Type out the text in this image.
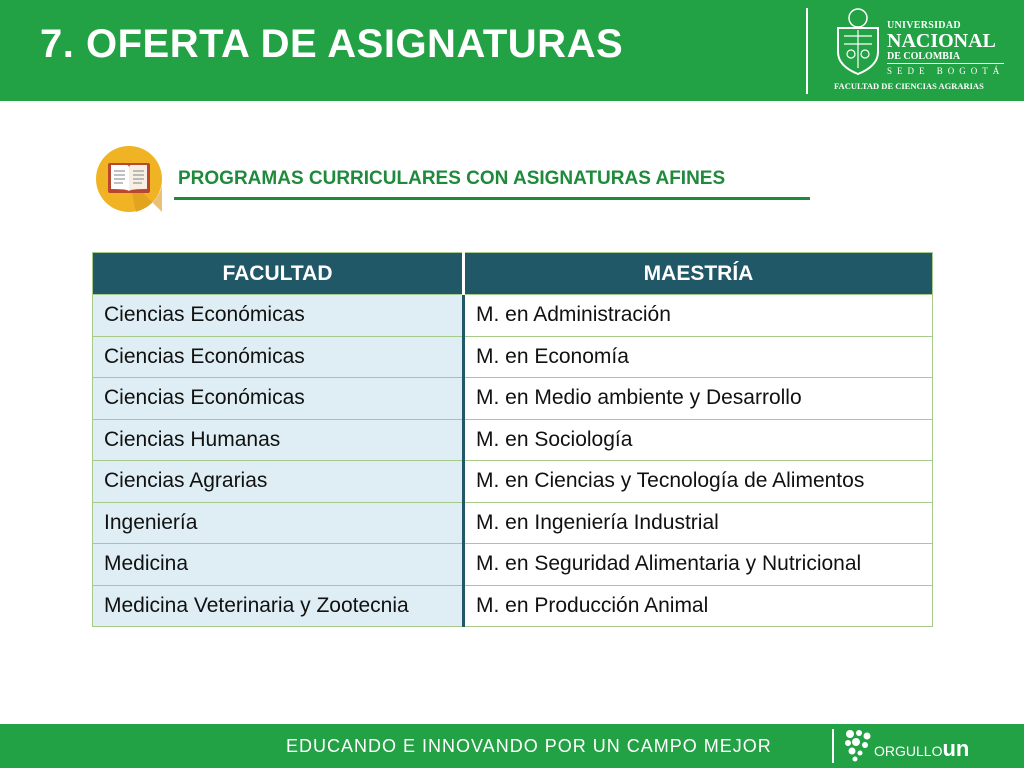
7. OFERTA DE ASIGNATURAS	UNIVERSIDAD
NACIONAL
DE COLOMBIA
SEDE BOGOTÁ
FACULTAD DE CIENCIAS AGRARIAS
PROGRAMAS CURRICULARES CON ASIGNATURAS AFINES
FACULTAD	MAESTRÍA
Ciencias Económicas	M. en Administración
Ciencias Económicas	M. en Economía
Ciencias Económicas	M. en Medio ambiente y Desarrollo
Ciencias Humanas	M. en Sociología
Ciencias Agrarias	M. en Ciencias y Tecnología de Alimentos
Ingeniería	M. en Ingeniería Industrial
Medicina	M. en Seguridad Alimentaria y Nutricional
Medicina Veterinaria y Zootecnia	M. en Producción Animal
EDUCANDO E INNOVANDO POR UN CAMPO MEJOR	ORGULLOun
